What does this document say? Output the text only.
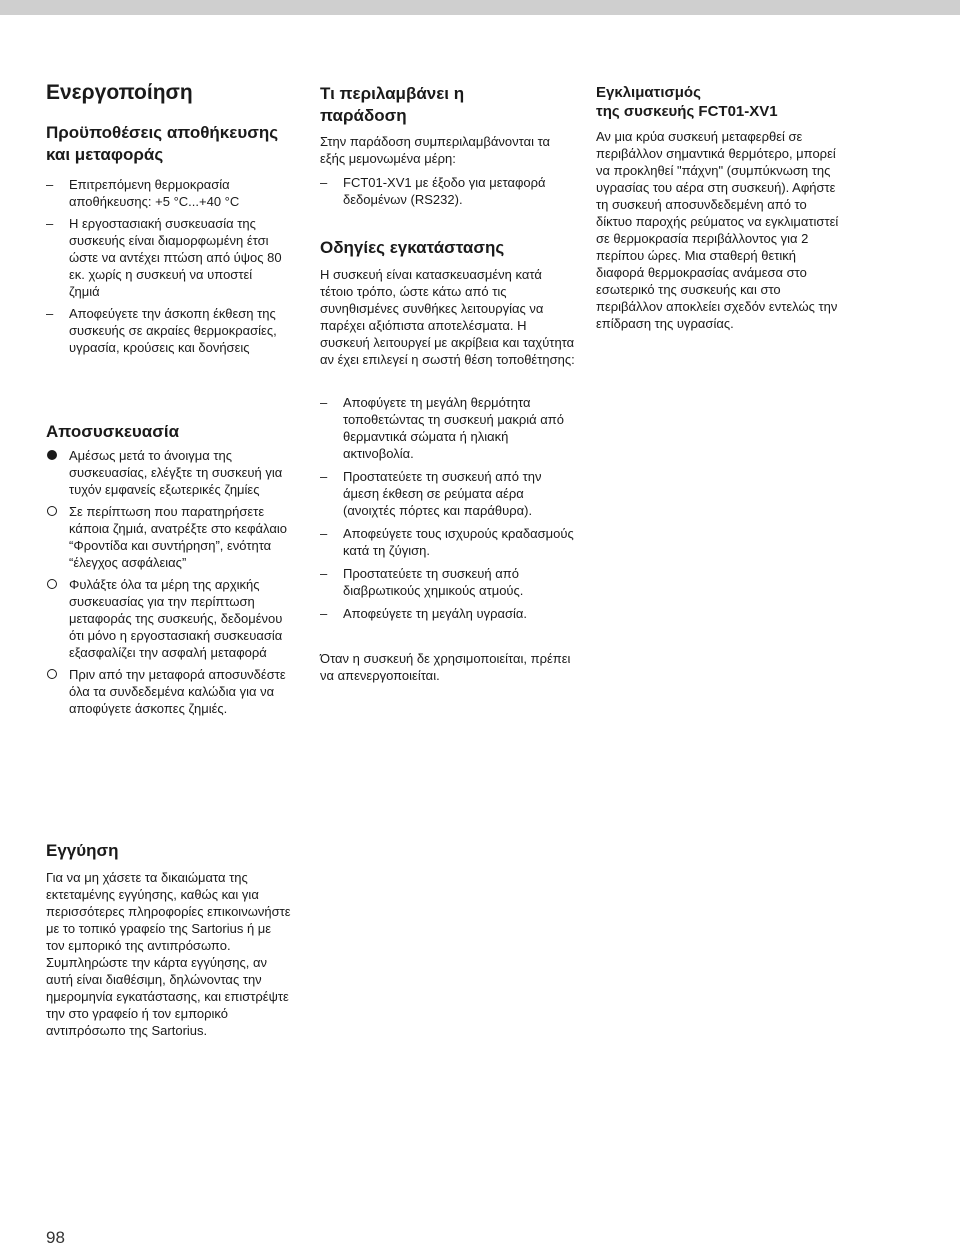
Ενεργοποίηση
Προϋποθέσεις αποθήκευσης
και μεταφοράς
– Επιτρεπόμενη θερμοκρασία αποθήκευσης: +5 °C...+40 °C
– Η εργοστασιακή συσκευασία της συσκευής είναι διαμορφωμένη έτσι ώστε να αντέχει πτώση από ύψος 80 εκ. χωρίς η συσκευή να υποστεί ζημιά
– Αποφεύγετε την άσκοπη έκθεση της συσκευής σε ακραίες θερμοκρασίες, υγρασία, κρούσεις και δονήσεις
Αποσυσκευασία
Αμέσως μετά το άνοιγμα της συσκευασίας, ελέγξτε τη συσκευή για τυχόν εμφανείς εξωτερικές ζημίες
Σε περίπτωση που παρατηρήσετε κάποια ζημιά, ανατρέξτε στο κεφάλαιο “Φροντίδα και συντήρηση”, ενότητα “έλεγχος ασφάλειας”
Φυλάξτε όλα τα μέρη της αρχικής συσκευασίας για την περίπτωση μεταφοράς της συσκευής, δεδομένου ότι μόνο η εργοστασιακή συσκευασία εξασφαλίζει την ασφαλή μεταφορά
Πριν από την μεταφορά αποσυνδέστε όλα τα συνδεδεμένα καλώδια για να αποφύγετε άσκοπες ζημιές.
Εγγύηση

Για να μη χάσετε τα δικαιώματα της εκτεταμένης εγγύησης, καθώς και για περισσότερες πληροφορίες επικοινωνήστε με το τοπικό γραφείο της Sartorius ή με τον εμπορικό της αντιπρόσωπο. Συμπληρώστε την κάρτα εγγύησης, αν αυτή είναι διαθέσιμη, δηλώνοντας την ημερομηνία εγκατάστασης, και επιστρέψτε την στο γραφείο ή τον εμπορικό αντιπρόσωπο της Sartorius.

Τι περιλαμβάνει η
παράδοση

Στην παράδοση συμπεριλαμβάνονται τα εξής μεμονωμένα μέρη:

– FCT01-XV1 με έξοδο για μεταφορά δεδομένων (RS232).
Οδηγίες εγκατάστασης

Η συσκευή είναι κατασκευασμένη κατά τέτοιο τρόπο, ώστε κάτω από τις συνηθισμένες συνθήκες λειτουργίας να παρέχει αξιόπιστα αποτελέσματα. Η συσκευή λειτουργεί με ακρίβεια και ταχύτητα αν έχει επιλεγεί η σωστή θέση τοποθέτησης:

– Αποφύγετε τη μεγάλη θερμότητα τοποθετώντας τη συσκευή μακριά από θερμαντικά σώματα ή ηλιακή ακτινοβολία.
– Προστατεύετε τη συσκευή από την άμεση έκθεση σε ρεύματα αέρα (ανοιχτές πόρτες και παράθυρα).
– Αποφεύγετε τους ισχυρούς κραδασμούς κατά τη ζύγιση.
– Προστατεύετε τη συσκευή από διαβρωτικούς χημικούς ατμούς.
– Αποφεύγετε τη μεγάλη υγρασία.

Όταν η συσκευή δε χρησιμοποιείται, πρέπει να απενεργοποιείται.

Εγκλιματισμός
της συσκευής FCT01-XV1

Αν μια κρύα συσκευή μεταφερθεί σε περιβάλλον σημαντικά θερμότερο, μπορεί να προκληθεί "πάχνη" (συμπύκνωση της υγρασίας του αέρα στη συσκευή). Αφήστε τη συσκευή αποσυνδεδεμένη από το δίκτυο παροχής ρεύματος να εγκλιματιστεί σε θερμοκρασία περιβάλλοντος για 2 περίπου ώρες. Μια σταθερή θετική διαφορά θερμοκρασίας ανάμεσα στο εσωτερικό της συσκευής και στο περιβάλλον αποκλείει σχεδόν εντελώς την επίδραση της υγρασίας.

98
